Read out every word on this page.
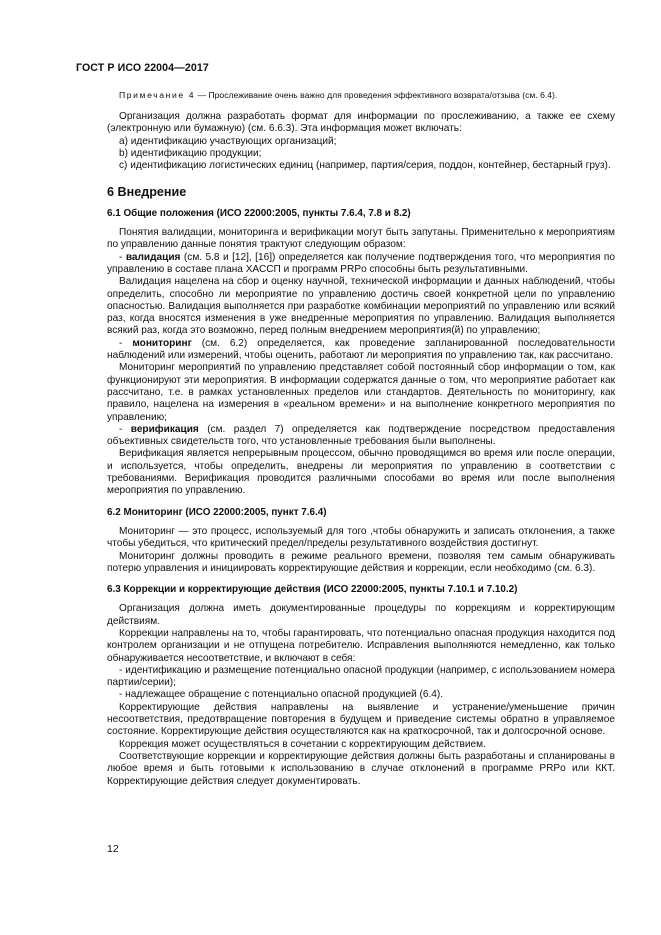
ГОСТ Р ИСО 22004—2017

Примечание 4 — Прослеживание очень важно для проведения эффективного возврата/отзыва (см. 6.4).

Организация должна разработать формат для информации по прослеживанию, а также ее схему (электронную или бумажную) (см. 6.6.3). Эта информация может включать:

a) идентификацию участвующих организаций;

b) идентификацию продукции;

c) идентификацию логистических единиц (например, партия/серия, поддон, контейнер, бестарный груз).

6 Внедрение
6.1 Общие положения (ИСО 22000:2005, пункты 7.6.4, 7.8 и 8.2)

Понятия валидации, мониторинга и верификации могут быть запутаны. Применительно к мероприятиям по управлению данные понятия трактуют следующим образом:

- валидация (см. 5.8 и [12], [16]) определяется как получение подтверждения того, что мероприятия по управлению в составе плана ХАССП и программ PRPo способны быть результативными.

Валидация нацелена на сбор и оценку научной, технической информации и данных наблюдений, чтобы определить, способно ли мероприятие по управлению достичь своей конкретной цели по управлению опасностью. Валидация выполняется при разработке комбинации мероприятий по управлению или всякий раз, когда вносятся изменения в уже внедренные мероприятия по управлению. Валидация выполняется всякий раз, когда это возможно, перед полным внедрением мероприятия(й) по управлению;

- мониторинг (см. 6.2) определяется, как проведение запланированной последовательности наблюдений или измерений, чтобы оценить, работают ли мероприятия по управлению так, как рассчитано.

Мониторинг мероприятий по управлению представляет собой постоянный сбор информации о том, как функционируют эти мероприятия. В информации содержатся данные о том, что мероприятие работает как рассчитано, т.е. в рамках установленных пределов или стандартов. Деятельность по мониторингу, как правило, нацелена на измерения в «реальном времени» и на выполнение конкретного мероприятия по управлению;

- верификация (см. раздел 7) определяется как подтверждение посредством предоставления объективных свидетельств того, что установленные требования были выполнены.

Верификация является непрерывным процессом, обычно проводящимся во время или после операции, и используется, чтобы определить, внедрены ли мероприятия по управлению в соответствии с требованиями. Верификация проводится различными способами во время или после выполнения мероприятия по управлению.

6.2 Мониторинг (ИСО 22000:2005, пункт 7.6.4)

Мониторинг — это процесс, используемый для того ,чтобы обнаружить и записать отклонения, а также чтобы убедиться, что критический предел/пределы результативного воздействия достигнут.

Мониторинг должны проводить в режиме реального времени, позволяя тем самым обнаруживать потерю управления и инициировать корректирующие действия и коррекции, если необходимо (см. 6.3).

6.3 Коррекции и корректирующие действия (ИСО 22000:2005, пункты 7.10.1 и 7.10.2)

Организация должна иметь документированные процедуры по коррекциям и корректирующим действиям.

Коррекции направлены на то, чтобы гарантировать, что потенциально опасная продукция находится под контролем организации и не отпущена потребителю. Исправления выполняются немедленно, как только обнаруживается несоответствие, и включают в себя:

- идентификацию и размещение потенциально опасной продукции (например, с использованием номера партии/серии);

- надлежащее обращение с потенциально опасной продукцией (6.4).

Корректирующие действия направлены на выявление и устранение/уменьшение причин несоответствия, предотвращение повторения в будущем и приведение системы обратно в управляемое состояние. Корректирующие действия осуществляются как на краткосрочной, так и долгосрочной основе.

Коррекция может осуществляться в сочетании с корректирующим действием.

Соответствующие коррекции и корректирующие действия должны быть разработаны и спланированы в любое время и быть готовыми к использованию в случае отклонений в программе PRPo или ККТ. Корректирующие действия следует документировать.

12
